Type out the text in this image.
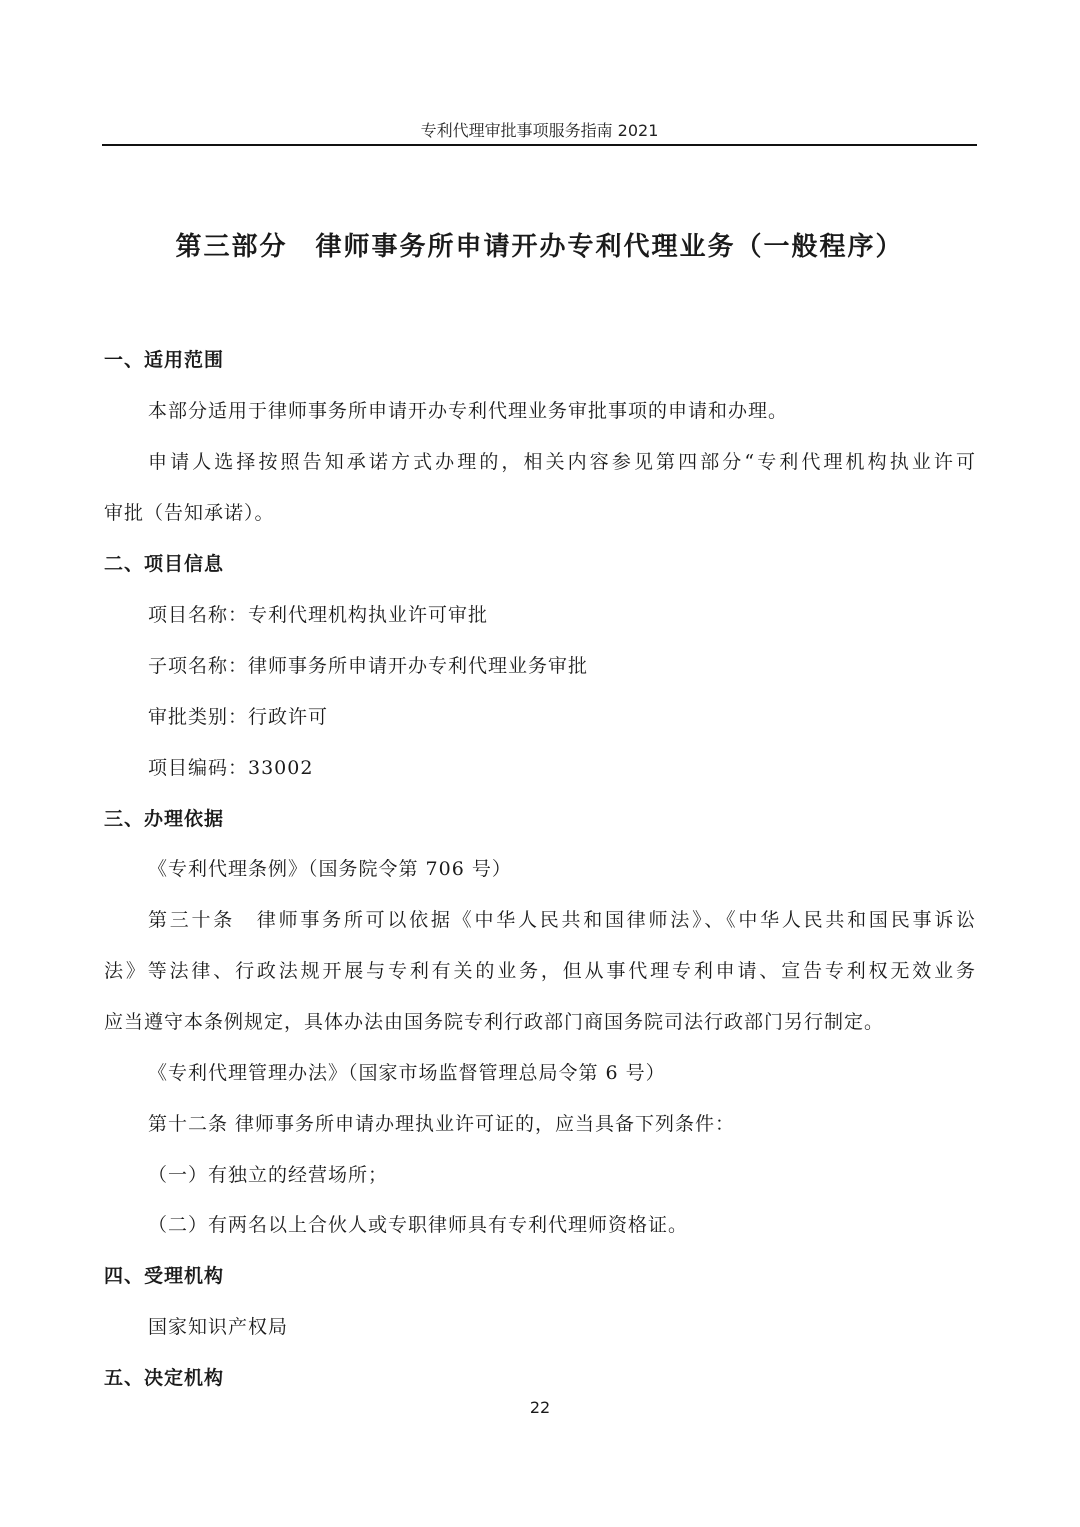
专利代理审批事项服务指南 2021
第三部分　律师事务所申请开办专利代理业务（一般程序）
一、适用范围
本部分适用于律师事务所申请开办专利代理业务审批事项的申请和办理。
申请人选择按照告知承诺方式办理的，相关内容参见第四部分“专利代理机构执业许可
审批（告知承诺）。
二、项目信息
项目名称：专利代理机构执业许可审批
子项名称：律师事务所申请开办专利代理业务审批
审批类别：行政许可
项目编码：33002
三、办理依据
《专利代理条例》（国务院令第 706 号）
第三十条　律师事务所可以依据《中华人民共和国律师法》、《中华人民共和国民事诉讼
法》等法律、行政法规开展与专利有关的业务，但从事代理专利申请、宣告专利权无效业务
应当遵守本条例规定，具体办法由国务院专利行政部门商国务院司法行政部门另行制定。
《专利代理管理办法》（国家市场监督管理总局令第 6 号）
第十二条 律师事务所申请办理执业许可证的，应当具备下列条件：
（一）有独立的经营场所；
（二）有两名以上合伙人或专职律师具有专利代理师资格证。
四、受理机构
国家知识产权局
五、决定机构
22
